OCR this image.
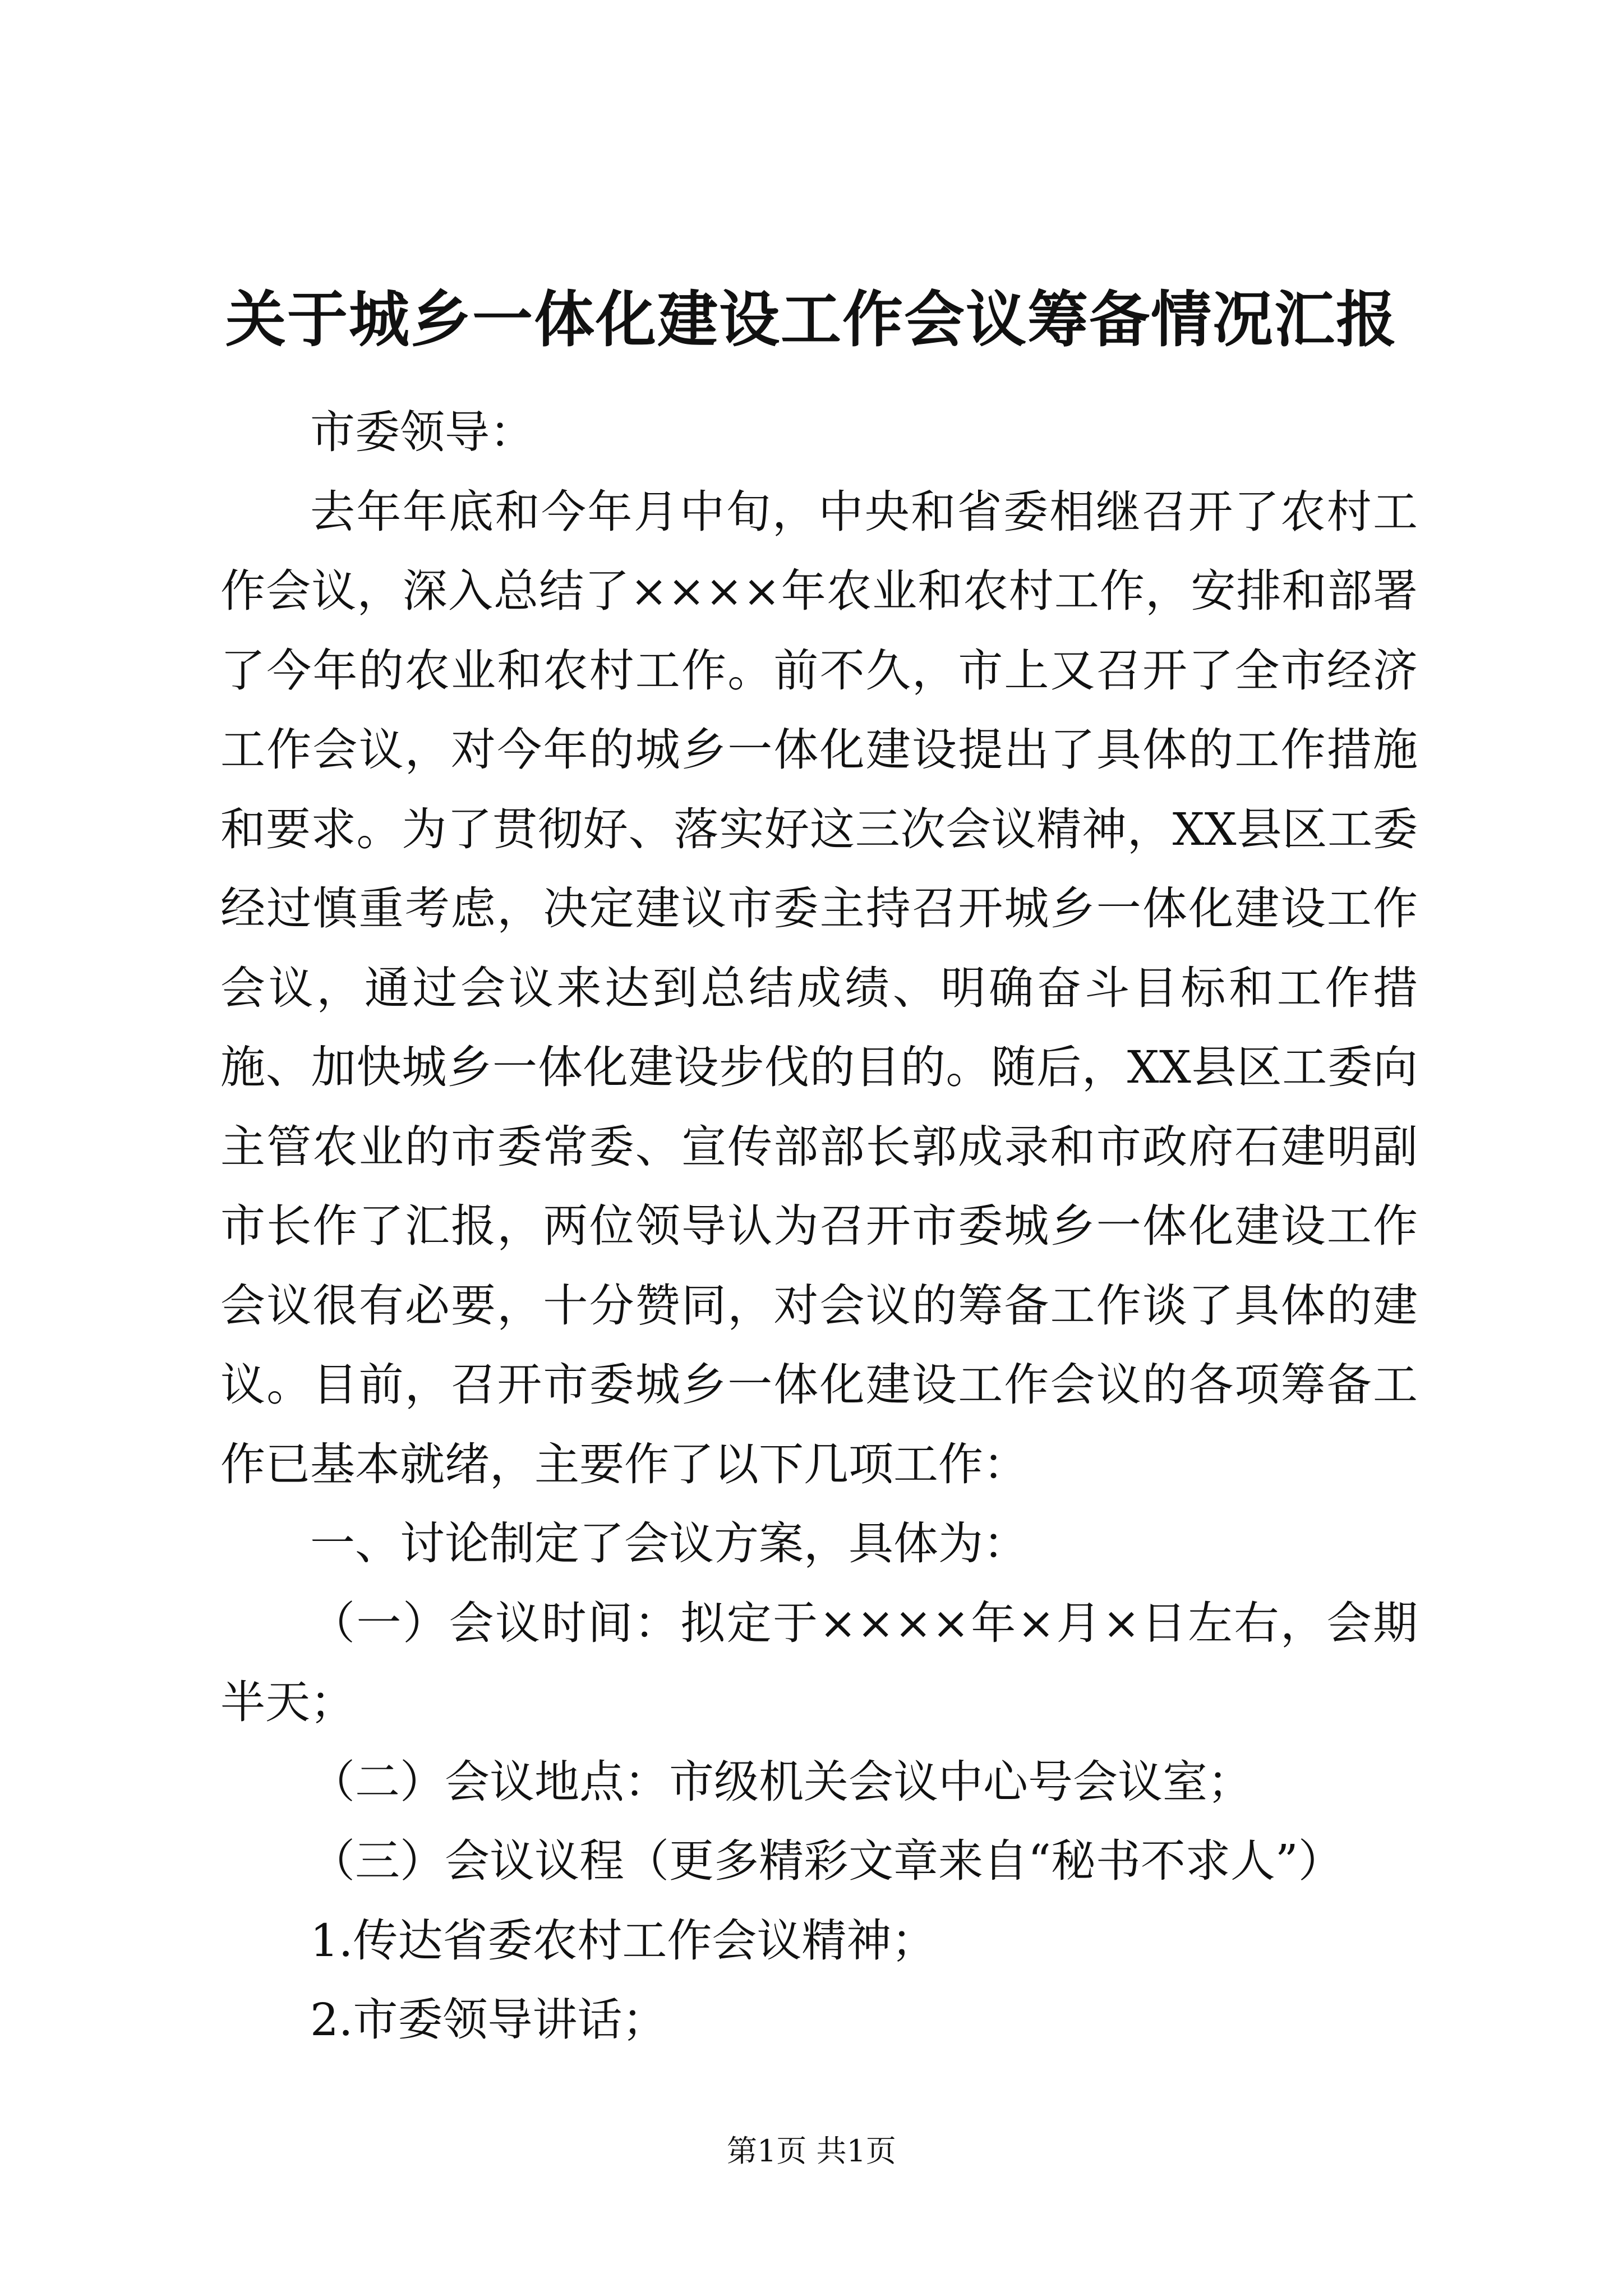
关于城乡一体化建设工作会议筹备情况汇报

市委领导：

去年年底和今年月中旬，中央和省委相继召开了农村工作会议，深入总结了××××年农业和农村工作，安排和部署了今年的农业和农村工作。前不久，市上又召开了全市经济工作会议，对今年的城乡一体化建设提出了具体的工作措施和要求。为了贯彻好、落实好这三次会议精神，XX县区工委经过慎重考虑，决定建议市委主持召开城乡一体化建设工作会议，通过会议来达到总结成绩、明确奋斗目标和工作措施、加快城乡一体化建设步伐的目的。随后，XX县区工委向主管农业的市委常委、宣传部部长郭成录和市政府石建明副市长作了汇报，两位领导认为召开市委城乡一体化建设工作会议很有必要，十分赞同，对会议的筹备工作谈了具体的建议。目前，召开市委城乡一体化建设工作会议的各项筹备工作已基本就绪，主要作了以下几项工作：

一、讨论制定了会议方案，具体为：

（一）会议时间：拟定于××××年×月×日左右，会期半天；

（二）会议地点：市级机关会议中心号会议室；

（三）会议议程（更多精彩文章来自“秘书不求人”）

1.传达省委农村工作会议精神；

2.市委领导讲话；

第1页 共1页
